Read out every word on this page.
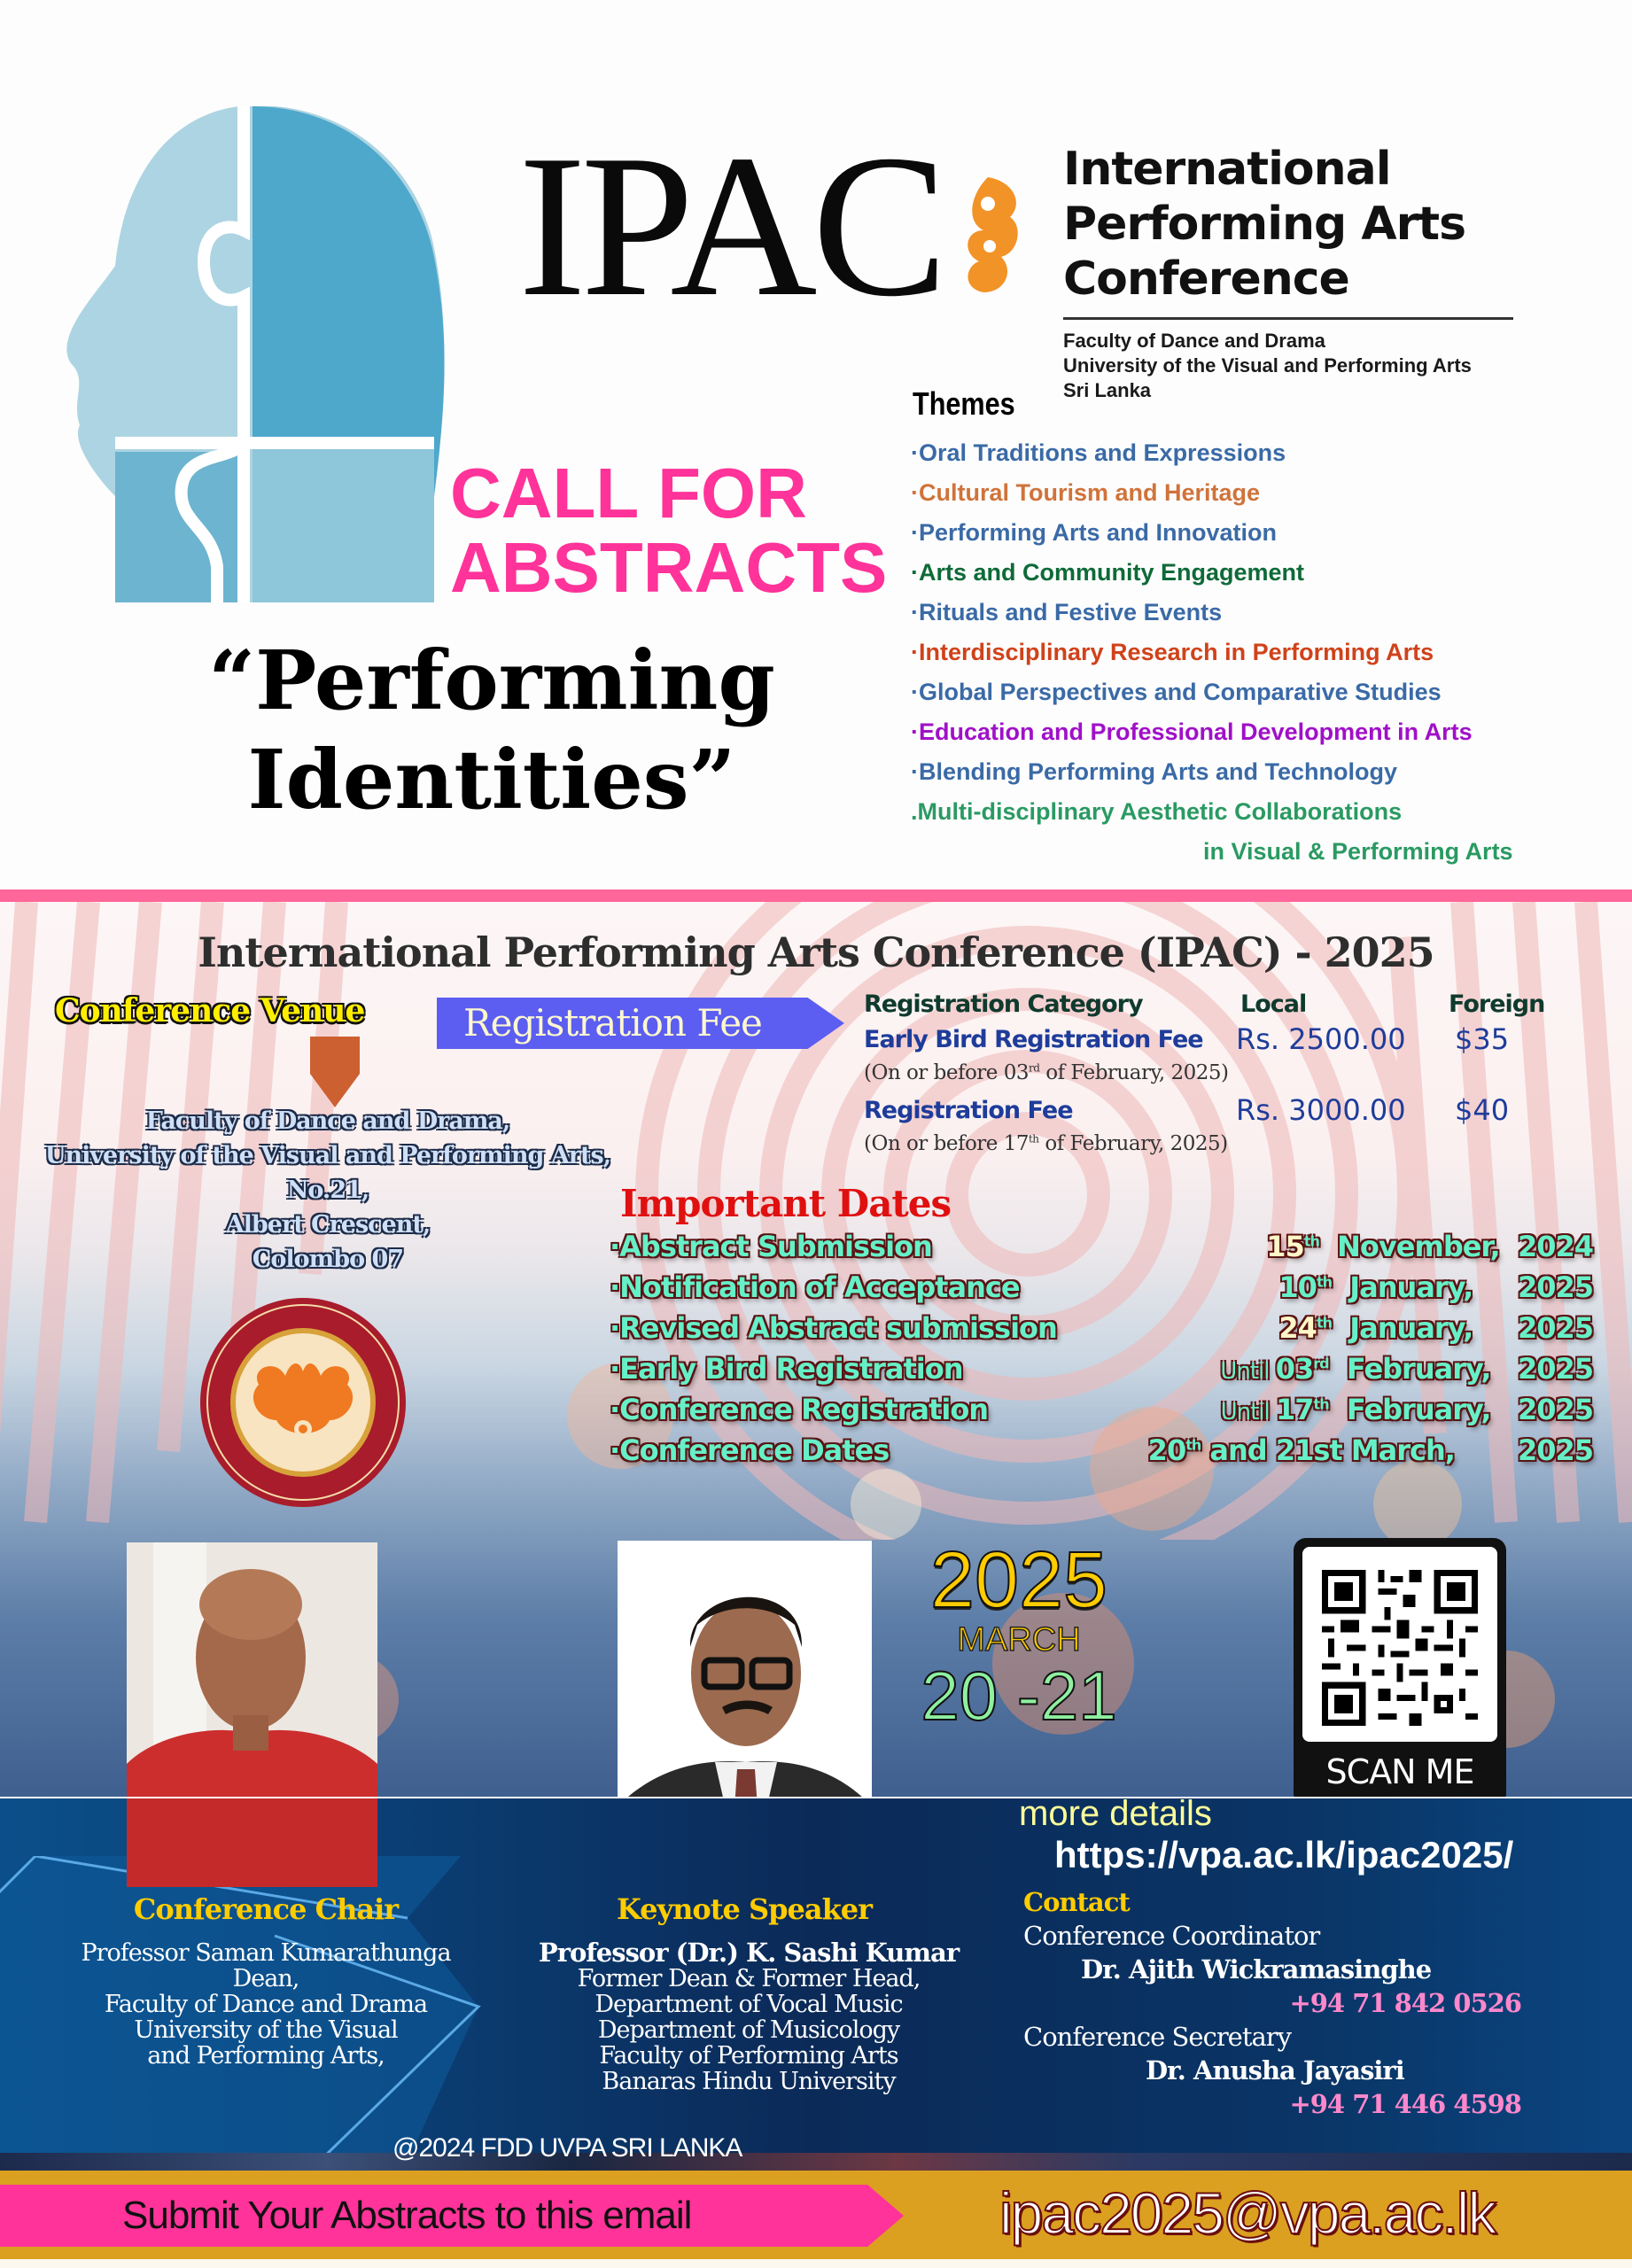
IPAC	International
Performing Arts
Conference
Faculty of Dance and Drama
University of the Visual and Performing Arts
Sri Lanka
CALL FOR
ABSTRACTS
“Performing
Identities”
Themes
·Oral Traditions and Expressions
·Cultural Tourism and Heritage
·Performing Arts and Innovation
·Arts and Community Engagement
·Rituals and Festive Events
·Interdisciplinary Research in Performing Arts
·Global Perspectives and Comparative Studies
·Education and Professional Development in Arts
·Blending Performing Arts and Technology
.Multi-disciplinary Aesthetic Collaborations
in Visual & Performing Arts
International Performing Arts Conference (IPAC) - 2025
Conference Venue
Faculty of Dance and Drama,
University of the Visual and Performing Arts,
No.21,
Albert Crescent,
Colombo 07
Registration Fee	Registration Category	Local	Foreign
Early Bird Registration Fee Rs. 2500.00 $35
(On or before 03rd of February, 2025)
Registration Fee	Rs. 3000.00 $40
(On or before 17th of February, 2025)
Important Dates
·Abstract Submission	15th  November,  2024
·Notification of Acceptance	10th  January,     2025
·Revised Abstract submission	24th  January,     2025
·Early Bird Registration	Until 03rd  February,   2025
·Conference Registration	Until 17th  February,   2025
·Conference Dates	20th and 21st March,       2025
2025
MARCH
20 -21
SCAN ME
more details
https://vpa.ac.lk/ipac2025/
Conference Chair
Professor Saman Kumarathunga
Dean,
Faculty of Dance and Drama
University of the Visual
and Performing Arts,
Keynote Speaker
Professor (Dr.) K. Sashi Kumar
Former Dean & Former Head,
Department of Vocal Music
Department of Musicology
Faculty of Performing Arts
Banaras Hindu University
Contact
Conference Coordinator
Dr. Ajith Wickramasinghe
+94 71 842 0526
Conference Secretary
Dr. Anusha Jayasiri
+94 71 446 4598
@2024 FDD UVPA SRI LANKA
Submit Your Abstracts to this email	ipac2025@vpa.ac.lk
